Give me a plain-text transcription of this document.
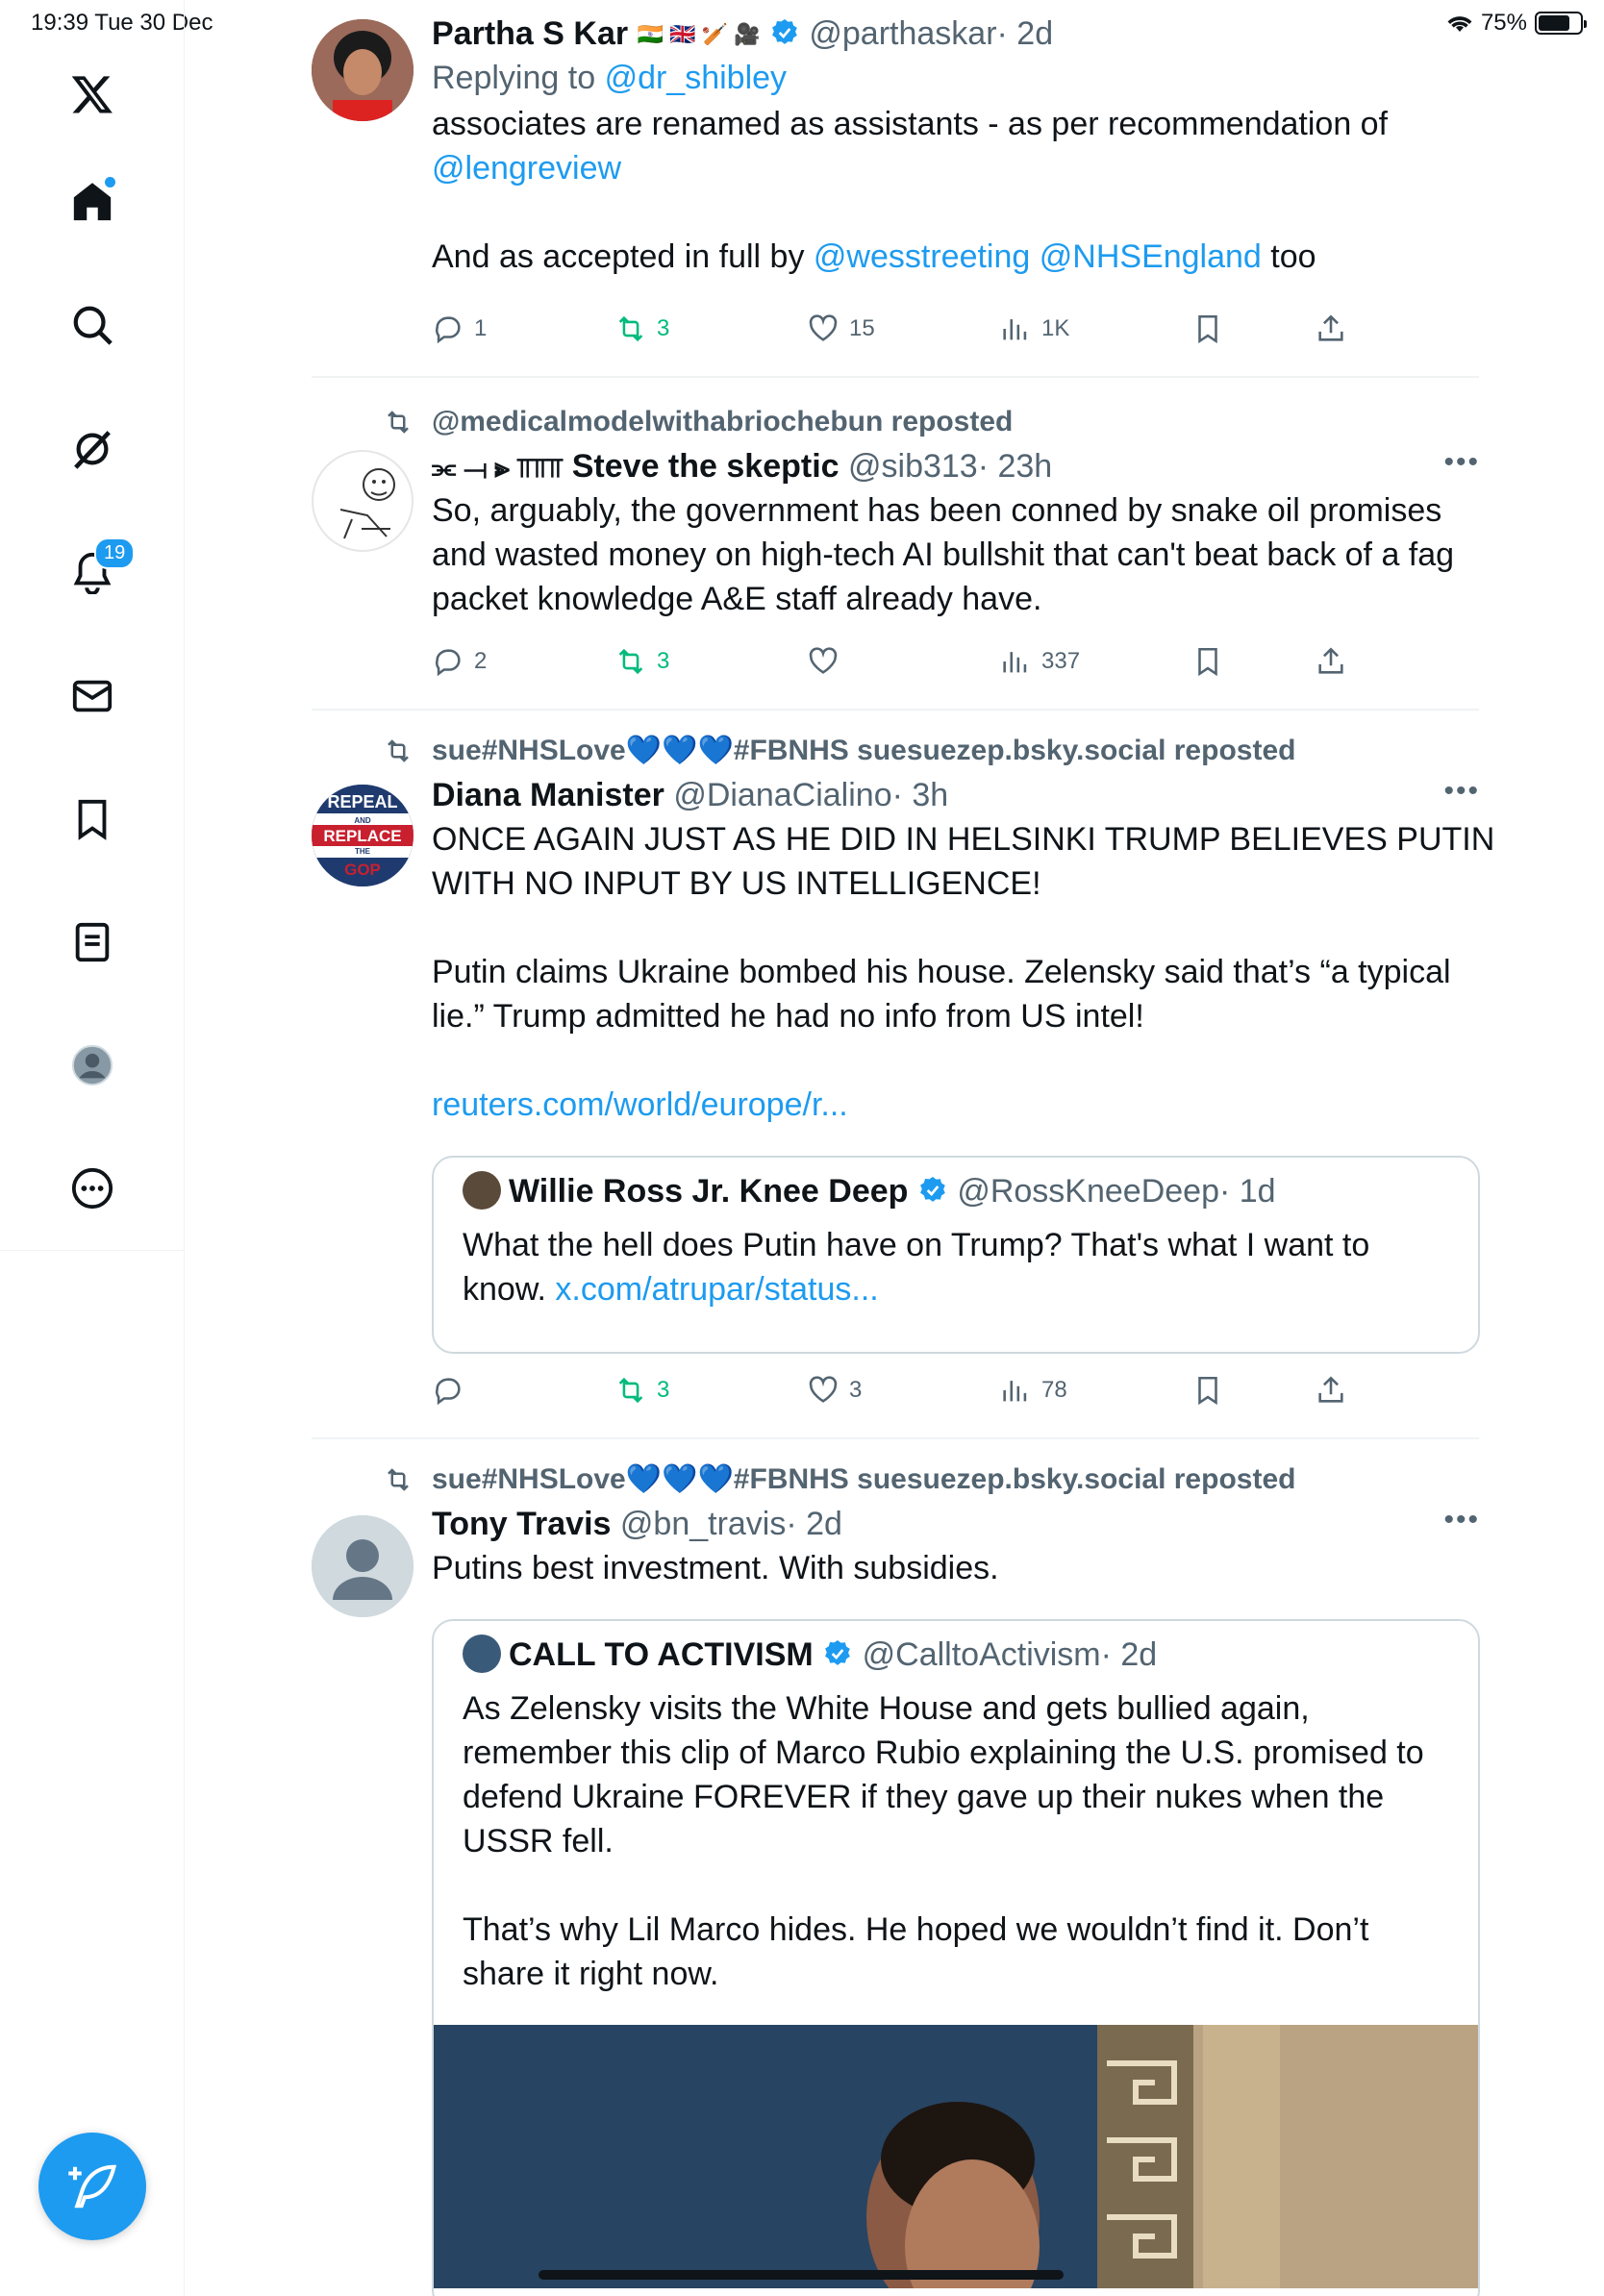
19:39 Tue 30 Dec	75%
19
Partha S Kar 🇮🇳 🇬🇧 🏏 🎥 @parthaskar· 2d
Replying to @dr_shibley
associates are renamed as assistants - as per recommendation of
@lengreview
And as accepted in full by @wesstreeting @NHSEngland too
1	3	15	1K
@medicalmodelwithabriochebun reposted
⫘ ⟞ ⫸ ⫪⫪⫪ Steve the skeptic @sib313· 23h	•••
So, arguably, the government has been conned by snake oil promises
and wasted money on high-tech AI bullshit that can't beat back of a fag
packet knowledge A&E staff already have.
2	3	337
sue#NHSLove💙💙💙#FBNHS suesuezep.bsky.social reposted
Diana Manister @DianaCialino· 3h	•••
ONCE AGAIN JUST AS HE DID IN HELSINKI TRUMP BELIEVES PUTIN
WITH NO INPUT BY US INTELLIGENCE!
Putin claims Ukraine bombed his house. Zelensky said that’s “a typical
lie.” Trump admitted he had no info from US intel!
reuters.com/world/europe/r...
REPEAL
AND
REPLACE
THE
GOP
Willie Ross Jr. Knee Deep @RossKneeDeep· 1d
What the hell does Putin have on Trump? That's what I want to
know. x.com/atrupar/status...
3	3	78
sue#NHSLove💙💙💙#FBNHS suesuezep.bsky.social reposted
Tony Travis @bn_travis· 2d	•••
Putins best investment. With subsidies.
CALL TO ACTIVISM @CalltoActivism· 2d
As Zelensky visits the White House and gets bullied again,
remember this clip of Marco Rubio explaining the U.S. promised to
defend Ukraine FOREVER if they gave up their nukes when the
USSR fell.
That’s why Lil Marco hides. He hoped we wouldn’t find it. Don’t
share it right now.
